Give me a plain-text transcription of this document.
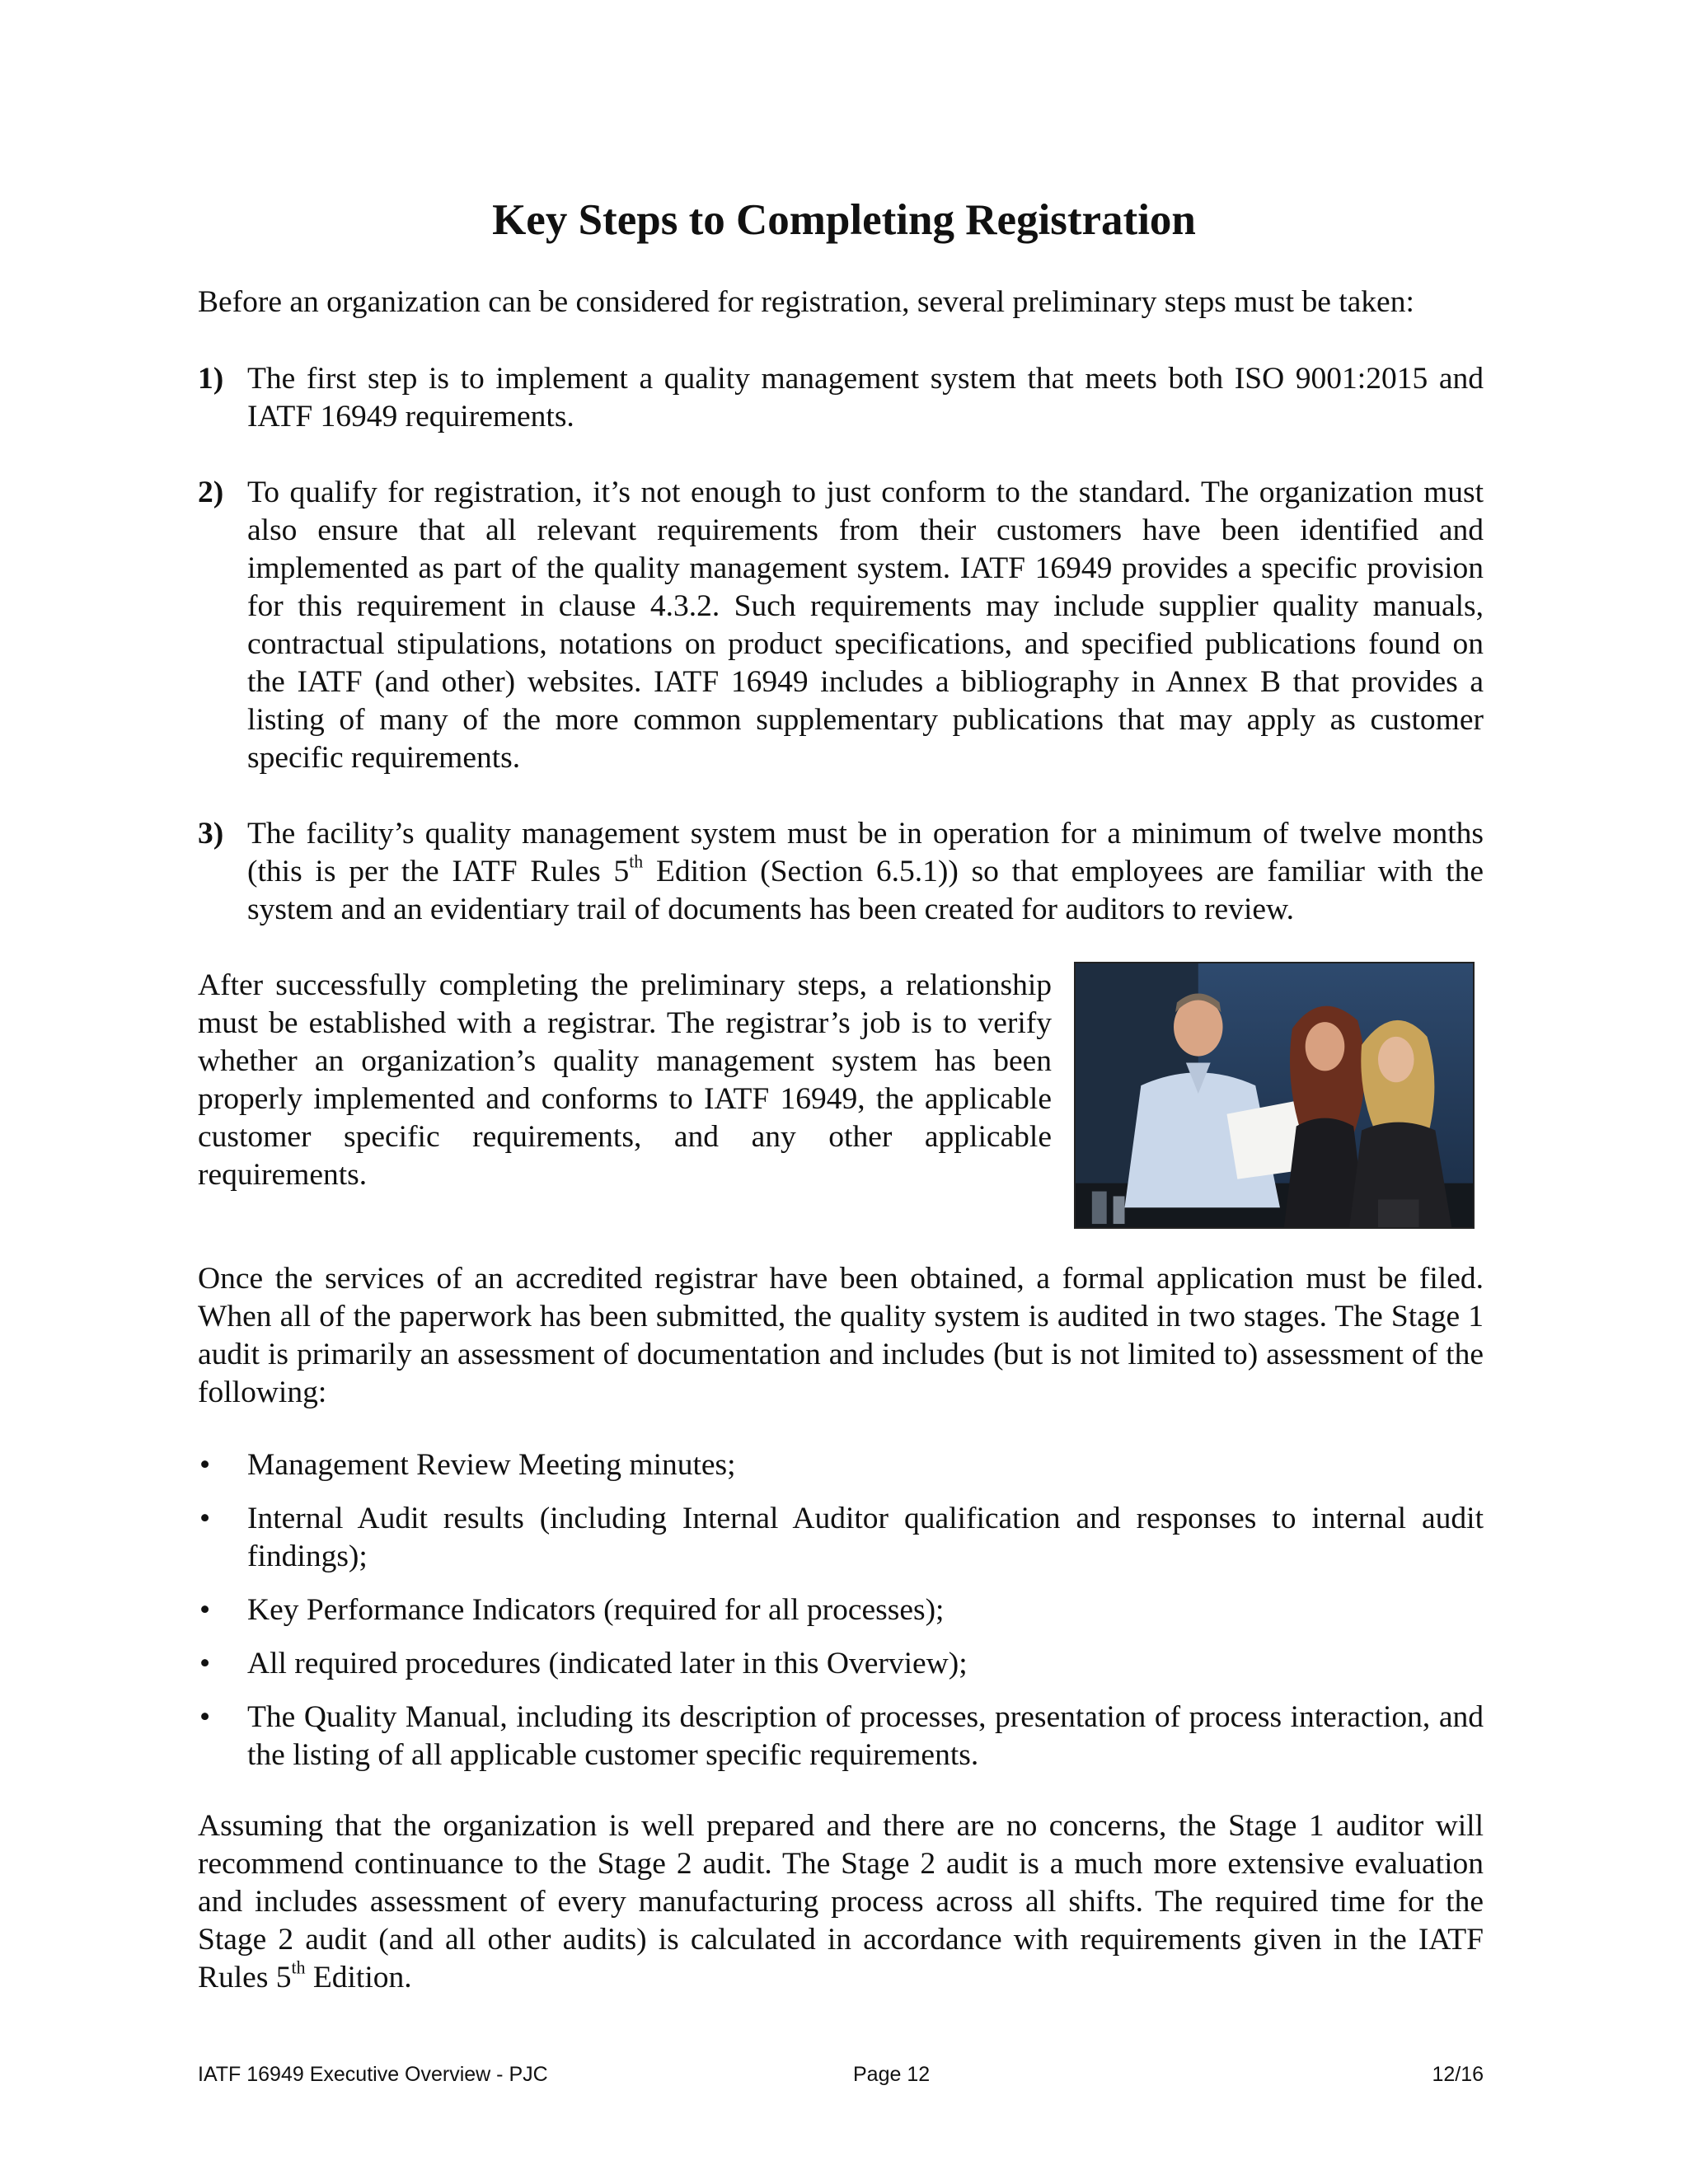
Key Steps to Completing Registration

Before an organization can be considered for registration, several preliminary steps must be taken:

1) The first step is to implement a quality management system that meets both ISO 9001:2015 and IATF 16949 requirements.

2) To qualify for registration, it’s not enough to just conform to the standard. The organization must also ensure that all relevant requirements from their customers have been identified and implemented as part of the quality management system. IATF 16949 provides a specific provision for this requirement in clause 4.3.2. Such requirements may include supplier quality manuals, contractual stipulations, notations on product specifications, and specified publications found on the IATF (and other) websites. IATF 16949 includes a bibliography in Annex B that provides a listing of many of the more common supplementary publications that may apply as customer specific requirements.

3) The facility’s quality management system must be in operation for a minimum of twelve months (this is per the IATF Rules 5th Edition (Section 6.5.1)) so that employees are familiar with the system and an evidentiary trail of documents has been created for auditors to review.

After successfully completing the preliminary steps, a relationship must be established with a registrar. The registrar’s job is to verify whether an organization’s quality management system has been properly implemented and conforms to IATF 16949, the applicable customer specific requirements, and any other applicable requirements.

Once the services of an accredited registrar have been obtained, a formal application must be filed. When all of the paperwork has been submitted, the quality system is audited in two stages. The Stage 1 audit is primarily an assessment of documentation and includes (but is not limited to) assessment of the following:

• Management Review Meeting minutes;
• Internal Audit results (including Internal Auditor qualification and responses to internal audit findings);
• Key Performance Indicators (required for all processes);
• All required procedures (indicated later in this Overview);
• The Quality Manual, including its description of processes, presentation of process interaction, and the listing of all applicable customer specific requirements.

Assuming that the organization is well prepared and there are no concerns, the Stage 1 auditor will recommend continuance to the Stage 2 audit. The Stage 2 audit is a much more extensive evaluation and includes assessment of every manufacturing process across all shifts. The required time for the Stage 2 audit (and all other audits) is calculated in accordance with requirements given in the IATF Rules 5th Edition.

IATF 16949 Executive Overview - PJC	Page 12	12/16
